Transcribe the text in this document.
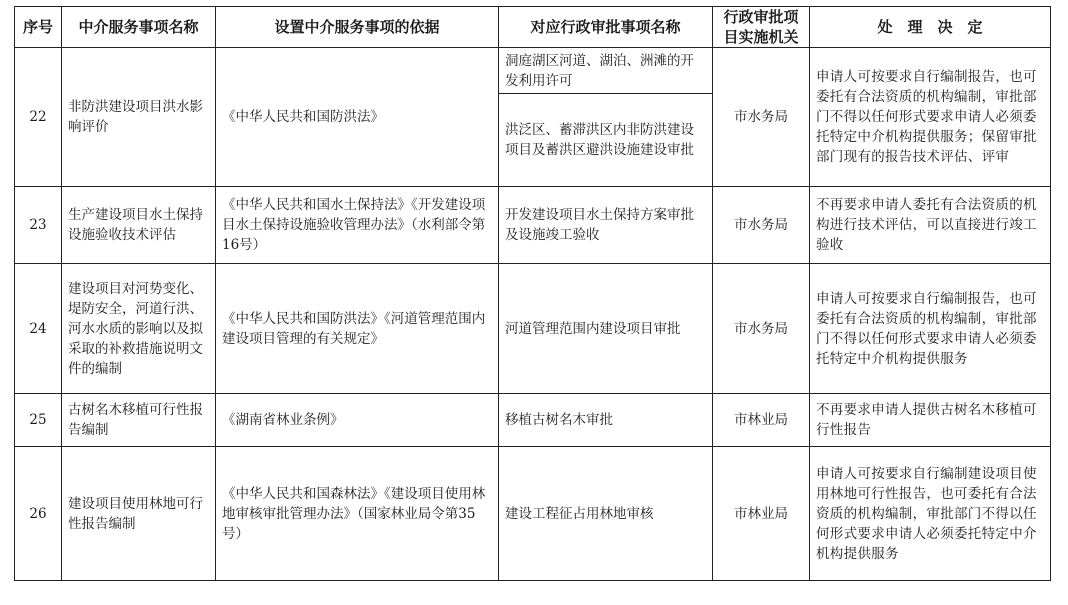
序号	中介服务事项名称	设置中介服务事项的依据	对应行政审批事项名称	行政审批项目实施机关	处　理　决　定
22	非防洪建设项目洪水影响评价	《中华人民共和国防洪法》	洞庭湖区河道、湖泊、洲滩的开发利用许可	市水务局	申请人可按要求自行编制报告，也可委托有合法资质的机构编制，审批部门不得以任何形式要求申请人必须委托特定中介机构提供服务；保留审批部门现有的报告技术评估、评审
			洪泛区、蓄滞洪区内非防洪建设项目及蓄洪区避洪设施建设审批		
23	生产建设项目水土保持设施验收技术评估	《中华人民共和国水土保持法》《开发建设项目水土保持设施验收管理办法》（水利部令第16号）	开发建设项目水土保持方案审批及设施竣工验收	市水务局	不再要求申请人委托有合法资质的机构进行技术评估，可以直接进行竣工验收
24	建设项目对河势变化、堤防安全，河道行洪、河水水质的影响以及拟采取的补救措施说明文件的编制	《中华人民共和国防洪法》《河道管理范围内建设项目管理的有关规定》	河道管理范围内建设项目审批	市水务局	申请人可按要求自行编制报告，也可委托有合法资质的机构编制，审批部门不得以任何形式要求申请人必须委托特定中介机构提供服务
25	古树名木移植可行性报告编制	《湖南省林业条例》	移植古树名木审批	市林业局	不再要求申请人提供古树名木移植可行性报告
26	建设项目使用林地可行性报告编制	《中华人民共和国森林法》《建设项目使用林地审核审批管理办法》（国家林业局令第35号）	建设工程征占用林地审核	市林业局	申请人可按要求自行编制建设项目使用林地可行性报告，也可委托有合法资质的机构编制，审批部门不得以任何形式要求申请人必须委托特定中介机构提供服务
